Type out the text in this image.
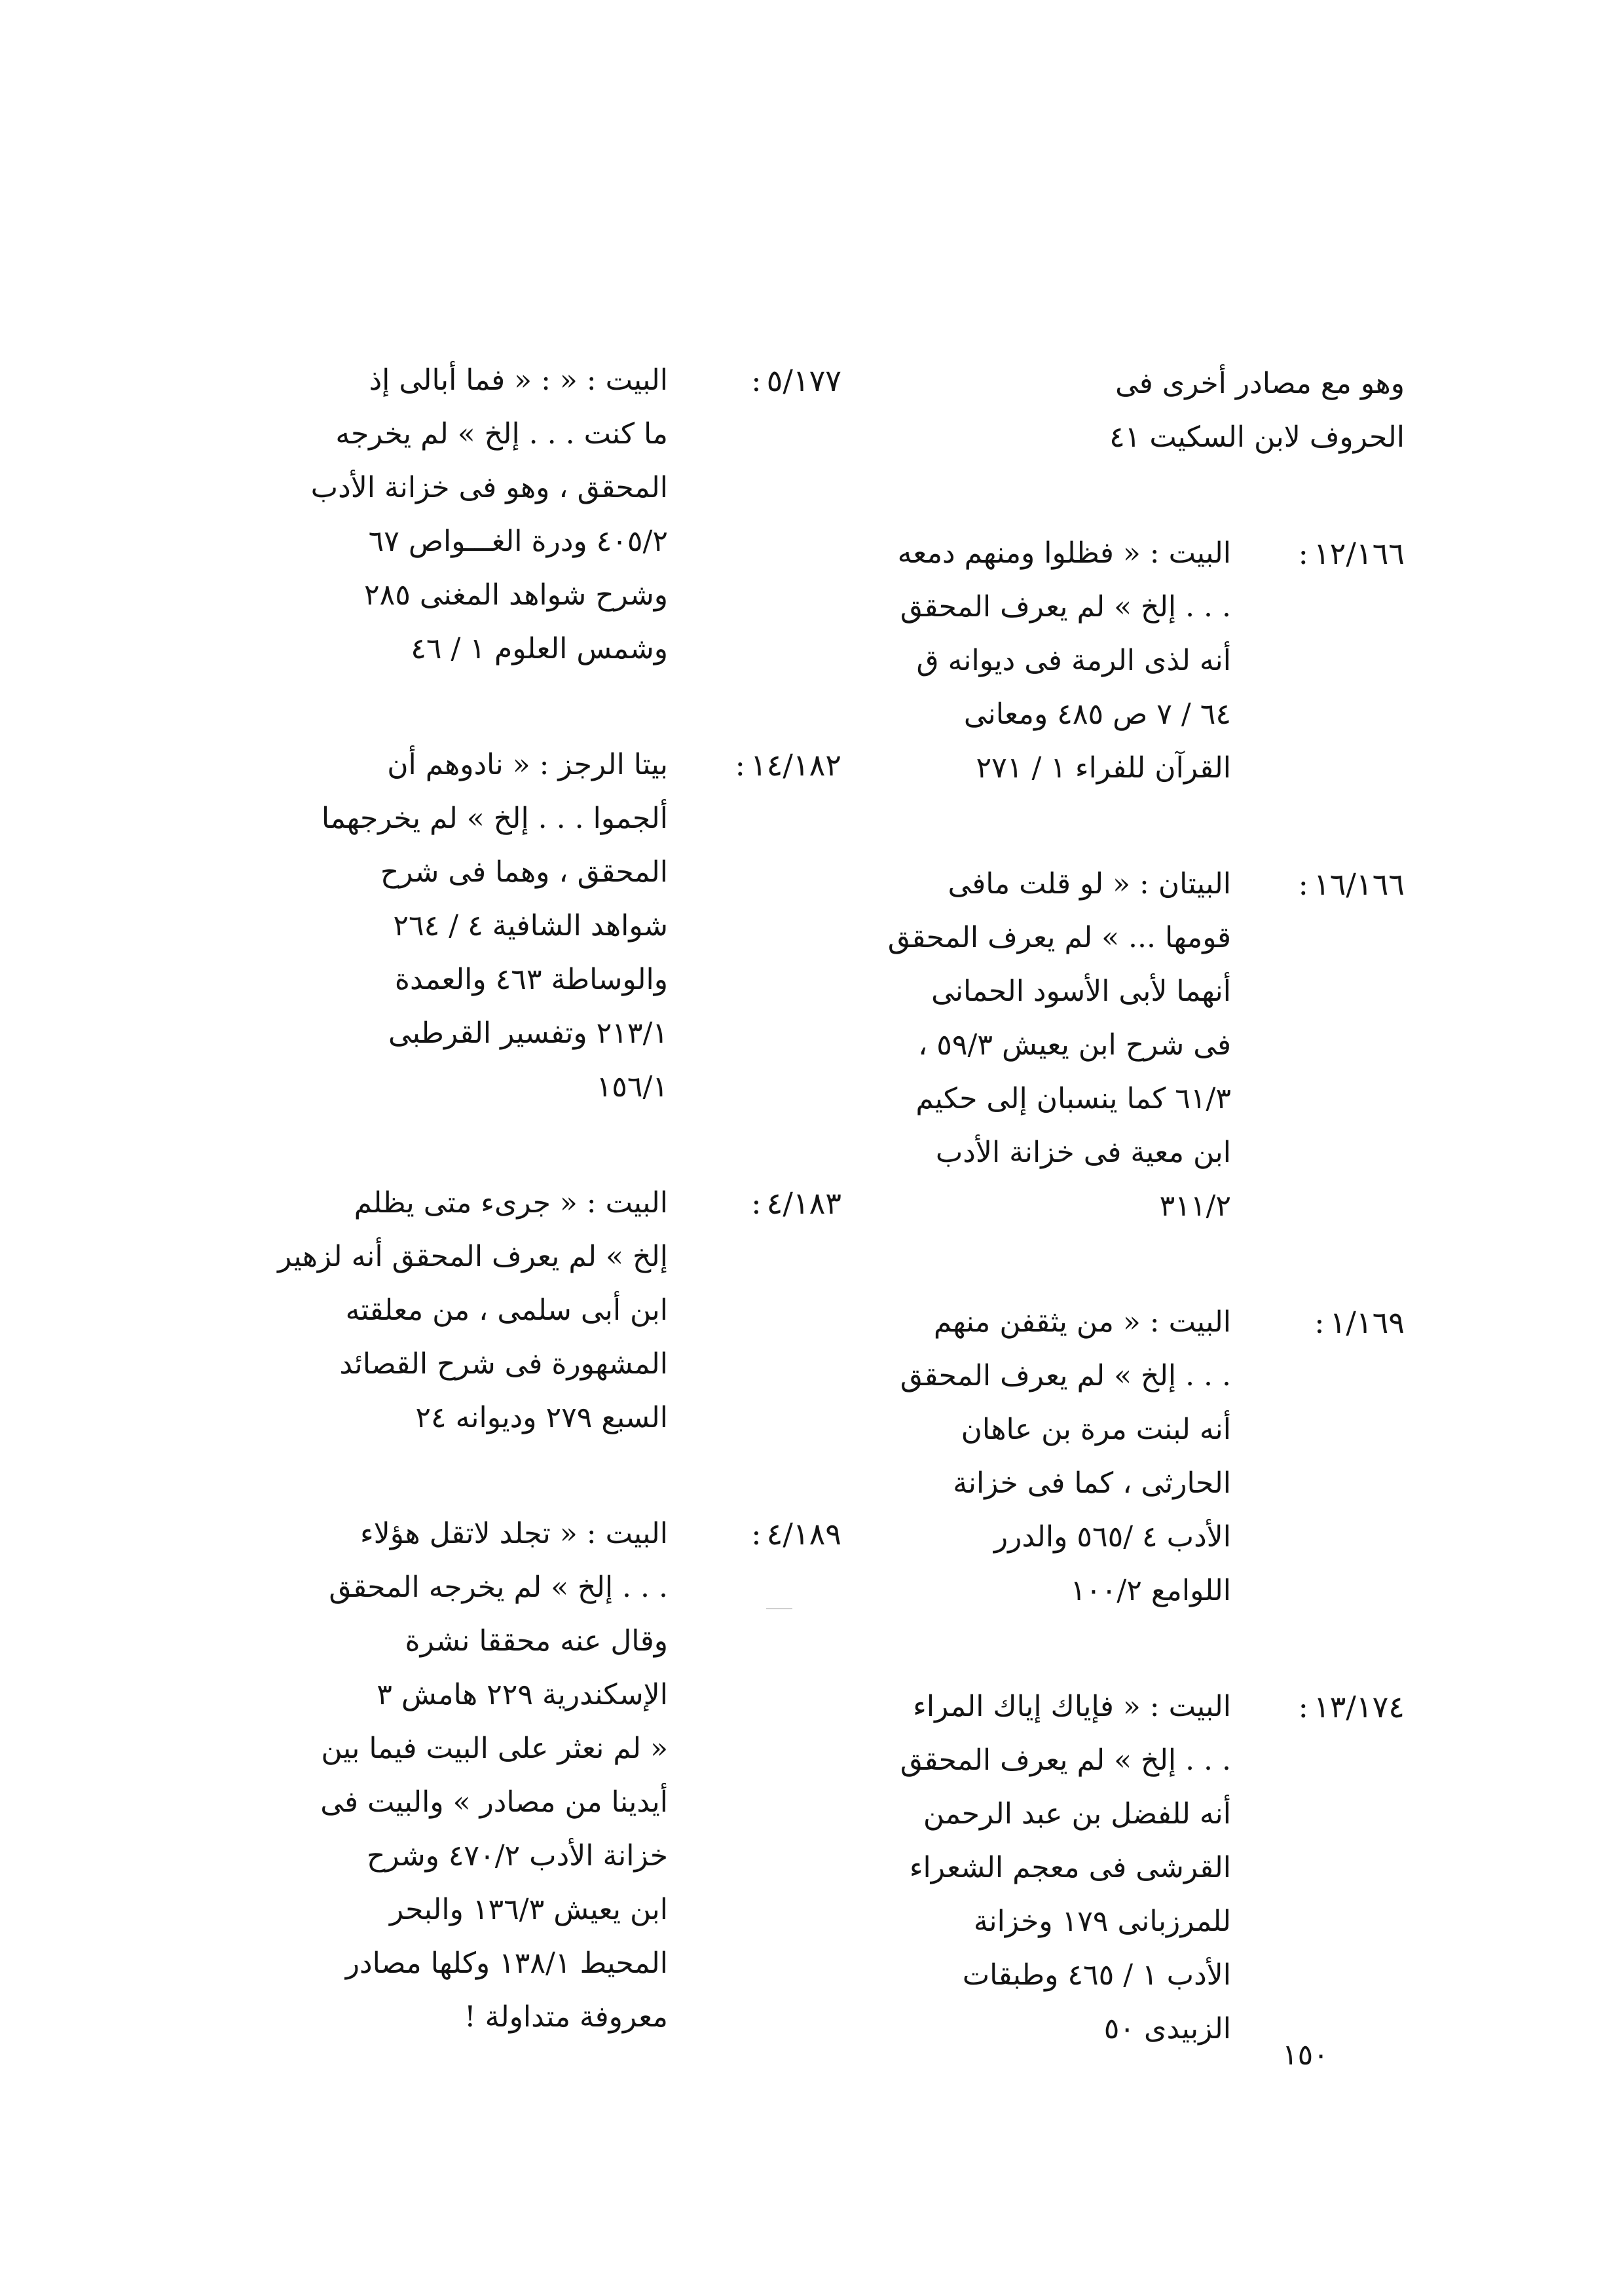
وهو مع مصادر أخرى فى
الحروف لابن السكيت ٤١
١٢/١٦٦:
البيت : « فظلوا ومنهم دمعه
. . . إلخ » لم يعرف المحقق
أنه لذى الرمة فى ديوانه ق
٦٤ / ٧ ص ٤٨٥ ومعانى
القرآن للفراء ١ / ٢٧١
١٦/١٦٦:
البيتان : « لو قلت مافى
قومها ... » لم يعرف المحقق
أنهما لأبى الأسود الحمانى
فى شرح ابن يعيش ٥٩/٣ ،
٦١/٣ كما ينسبان إلى حكيم
ابن معية فى خزانة الأدب
٣١١/٢
١/١٦٩:
البيت : « من يثقفن منهم
. . . إلخ » لم يعرف المحقق
أنه لبنت مرة بن عاهان
الحارثى ، كما فى خزانة
الأدب ٤ /٥٦٥ والدرر
اللوامع ١٠٠/٢
١٣/١٧٤:
البيت : « فإياك إياك المراء
. . . إلخ » لم يعرف المحقق
أنه للفضل بن عبد الرحمن
القرشى فى معجم الشعراء
للمرزبانى ١٧٩ وخزانة
الأدب ١ / ٤٦٥ وطبقات
الزبيدى ٥٠
٥/١٧٧:
البيت : « : « فما أبالى إذ
ما كنت . . . إلخ » لم يخرجه
المحقق ، وهو فى خزانة الأدب
٤٠٥/٢ ودرة الغـــواص ٦٧
وشرح شواهد المغنى ٢٨٥
وشمس العلوم ١ / ٤٦
١٤/١٨٢:
بيتا الرجز : « نادوهم أن
ألجموا . . . إلخ » لم يخرجهما
المحقق ، وهما فى شرح
شواهد الشافية ٤ / ٢٦٤
والوساطة ٤٦٣ والعمدة
٢١٣/١ وتفسير القرطبى
١٥٦/١
٤/١٨٣:
البيت : « جرىء متى يظلم
إلخ » لم يعرف المحقق أنه لزهير
ابن أبى سلمى ، من معلقته
المشهورة فى شرح القصائد
السبع ٢٧٩ وديوانه ٢٤
٤/١٨٩:
البيت : « تجلد لاتقل هؤلاء
. . . إلخ » لم يخرجه المحقق
وقال عنه محققا نشرة
الإسكندرية ٢٢٩ هامش ٣
« لم نعثر على البيت فيما بين
أيدينا من مصادر » والبيت فى
خزانة الأدب ٤٧٠/٢ وشرح
ابن يعيش ١٣٦/٣ والبحر
المحيط ١٣٨/١ وكلها مصادر
معروفة متداولة !
١٥٠
